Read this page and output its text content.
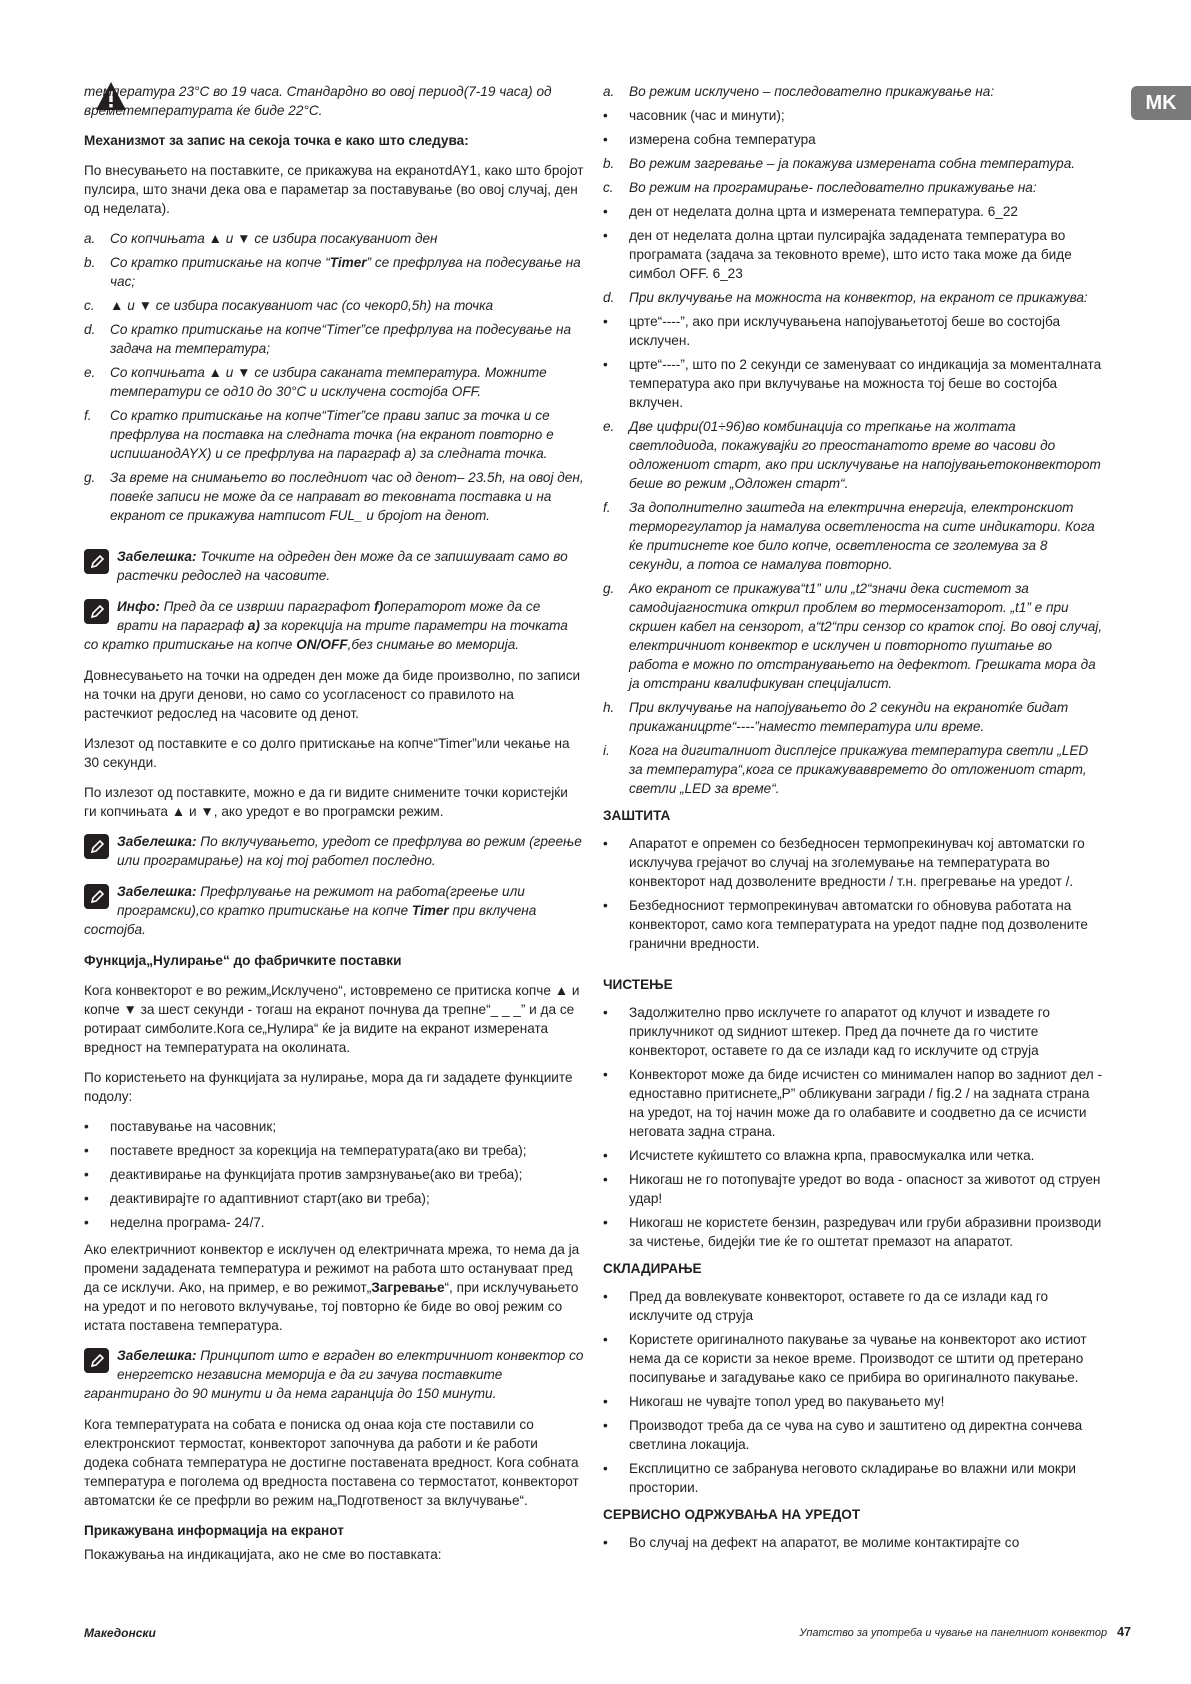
MK

температура 23°C во 19 часа. Стандардно во овој период(7-19 часа) од времетемпературата ќе биде 22°C.

Механизмот за запис на секоја точка е како што следува:

По внесувањето на поставките, се прикажува на екранотdAY1, како што бројот пулсира, што значи дека ова е параметар за поставување (во овој случај, ден од неделата).

a. Со копчињата ▲ и ▼ се избира посакуваниот ден
b. Со кратко притискање на копче “Timer” се префрлува на подесување на час;
c. ▲ и ▼ се избира посакуваниот час (со чекор0,5h) на точка
d. Со кратко притискање на копче“Timer”се префрлува на подесување на задача на температура;
e. Со копчињата ▲ и ▼ се избира саканата температура. Можните температури се од10 до 30°C и исклучена состојба OFF.
f. Со кратко притискање на копче“Timer”се прави запис за точка и се префрлува на поставка на следната точка (на екранот повторно е испишанодAYX) и се префрлува на параграф а) за следната точка.
g. За време на снимањето во последниот час од денот– 23.5h, на овој ден, повеќе записи не може да се направат во тековната поставка и на екранот се прикажува натписот FUL_ и бројот на денот.
Забелешка: Точките на одреден ден може да се запишуваат само во растечки редослед на часовите.
Инфо: Пред да се изврши параграфот f)операторот може да се врати на параграф а) за корекција на трите параметри на точката со кратко притискање на копче ON/OFF,без снимање во меморија.

Довнесувањето на точки на одреден ден може да биде произволно, по записи на точки на други денови, но само со усогласеност со правилото на растечкиот редослед на часовите од денот.

Излезот од поставките е со долго притискање на копче“Timer”или чекање на 30 секунди.

По излезот од поставките, можно е да ги видите снимените точки користејќи ги копчињата ▲ и ▼, ако уредот е во програмски режим.

Забелешка: По вклучувањето, уредот се префрлува во режим (греење или програмирање) на кој тој работел последно.
Забелешка: Префрлување на режимот на работа(греење или програмски),со кратко притискање на копче Timer при вклучена состојба.

Функција„Нулирање“ до фабричките поставки

Кога конвекторот е во режим„Исклучено“, истовремено се притиска копче ▲ и копче ▼ за шест секунди - тогаш на екранот почнува да трепне“_ _ _” и да се ротираат симболите.Кога се„Нулира“ ќе ја видите на екранот измерената вредност на температурата на околината.

По користењето на функцијата за нулирање, мора да ги зададете функциите подолу:

• поставување на часовник;
• поставете вредност за корекција на температурата(ако ви треба);
• деактивирање на функцијата против замрзнување(ако ви треба);
• деактивирајте го адаптивниот старт(ако ви треба);
• неделна програма- 24/7.

Ако електричниот конвектор е исклучен од електричната мрежа, то нема да ја промени зададената температура и режимот на работа што остануваат пред да се исклучи. Ако, на пример, е во режимот„Загревање“, при исклучувањето на уредот и по неговото вклучување, тој повторно ќе биде во овој режим со истата поставена температура.

Забелешка: Принципот што е вграден во електричниот конвектор со енергетско независна меморија е да ги зачува поставките гарантирано до 90 минути и да нема гаранција до 150 минути.

Кога температурата на собата е пониска од онаа која сте поставили со електронскиот термостат, конвекторот започнува да работи и ќе работи додека собната температура не достигне поставената вредност. Кога собната температура е поголема од вредноста поставена со термостатот, конвекторот автоматски ќе се префрли во режим на„Подготвеност за вклучување“.

Прикажувана информација на екранот

Покажувања на индикацијата, ако не сме во поставката:

a. Во режим исклучено – последователно прикажување на:
• часовник (час и минути);
• измерена собна температура
b. Во режим загревање – ја покажува измерената собна температура.
c. Во режим на програмирање- последователно прикажување на:
• ден от неделата долна црта и измерената температура. 6_22
• ден от неделата долна цртаи пулсирајќа зададената температура во програмата (задача за тековното време), што исто така може да биде симбол OFF. 6_23
d. При вклучување на можноста на конвектор, на екранот се прикажува:
• црте“----”, ако при исклучувањена напојувањетотој беше во состојба исклучен.
• црте“----”, што по 2 секунди се заменуваат со индикација за моменталната температура ако при вклучување на можноста тој беше во состојба вклучен.
e. Две цифри(01÷96)во комбинација со трепкање на жолтата светлодиода, покажувајќи го преостанатото време во часови до одложениот старт, ако при исклучување на напојувањетоконвекторот беше во режим „Одложен старт“.
f. За дополнително заштеда на електрична енергија, електронскиот терморегулатор ја намалува осветленоста на сите индикатори. Кога ќе притиснете кое било копче, осветленоста се зголемува за 8 секунди, а потоа се намалува повторно.
g. Ако екранот се прикажува“t1” или „t2“значи дека системот за самодијагностика открил проблем во термосензаторот. „t1” е при скршен кабел на сензорот, а“t2“при сензор со краток спој. Во овој случај, електричниот конвектор е исклучен и повторното пуштање во работа е можно по отстранувањето на дефектот. Грешката мора да ја отстрани квалификуван специјалист.
h. При вклучување на напојувањето до 2 секунди на екранотќе бидат прикажаницрте“----”наместо температура или време.
i. Кога на дигиталниот дисплејсе прикажува температура светли „LED за температура“,кога се прикажуваввремето до отложениот старт, светли „LED за време“.
ЗАШТИТА
• Апаратот е опремен со безбедносен термопрекинувач кој автоматски го исклучува грејачот во случај на зголемување на температурата во конвекторот над дозволените вредности / т.н. прегревање на уредот /.
• Безбедносниот термопрекинувач автоматски го обновува работата на конвекторот, само кога температурата на уредот падне под дозволените гранични вредности.
ЧИСТЕЊЕ
• Задолжително прво исклучете го апаратот од клучот и извадете го приклучникот од ѕидниот штекер. Пред да почнете да го чистите конвекторот, оставете го да се излади кад го исклучите од струја
• Конвекторот може да биде исчистен со минимален напор во задниот дел - едноставно притиснете„P” обликувани загради / fig.2 / на задната страна на уредот, на тој начин може да го олабавите и соодветно да се исчисти неговата задна страна.
• Исчистете куќиштето со влажна крпа, правосмукалка или четка.
• Никогаш не го потопувајте уредот во вода - опасност за животот од струен удар!
• Никогаш не користете бензин, разредувач или груби абразивни производи за чистење, бидејќи тие ќе го оштетат премазот на апаратот.
СКЛАДИРАЊЕ
• Пред да вовлекувате конвекторот, оставете го да се излади кад го исклучите од струја
• Користете оригиналното пакување за чување на конвекторот ако истиот нема да се користи за некое време. Производот се штити од претерано посипување и загадување како се прибира во оригиналното пакување.
• Никогаш не чувајте топол уред во пакувањето му!
• Производот треба да се чува на суво и заштитено од директна сончева светлина локација.
• Експлицитно се забранува неговото складирање во влажни или мокри простории.
СЕРВИСНО ОДРЖУВАЊА НА УРЕДОТ
• Во случај на дефект на апаратот, ве молиме контактирајте со
Македонски	Упатство за употреба и чување на панелниот конвектор 47
